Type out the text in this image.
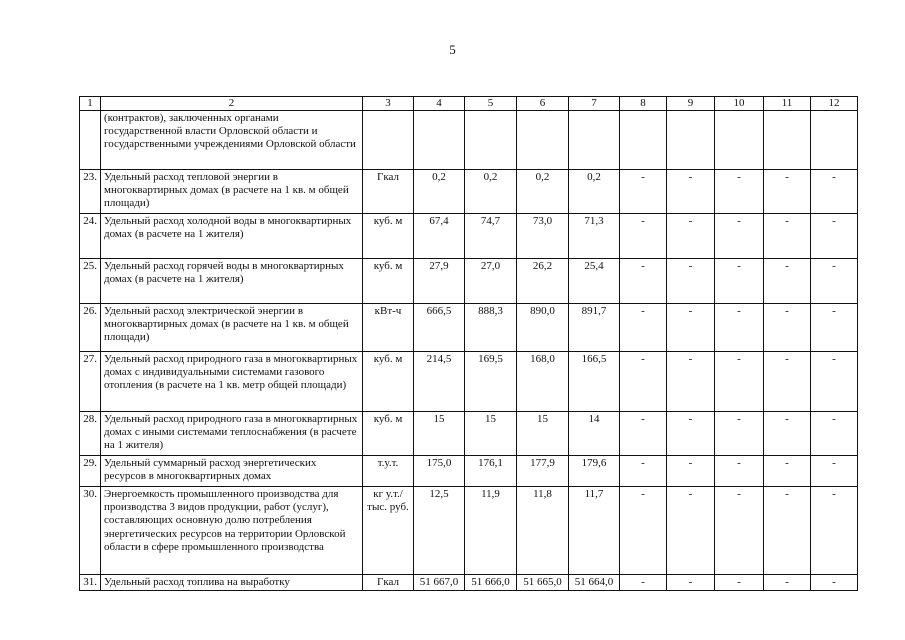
5
1	2	3	4	5	6	7	8	9	10	11	12
	(контрактов), заключенных органами государственной власти Орловской области и государственными учреждениями Орловской области										
23.	Удельный расход тепловой энергии в многоквартирных домах (в расчете на 1 кв. м общей площади)	Гкал	0,2	0,2	0,2	0,2	-	-	-	-	-
24.	Удельный расход холодной воды в многоквартирных домах (в расчете на 1 жителя)	куб. м	67,4	74,7	73,0	71,3	-	-	-	-	-
25.	Удельный расход горячей воды в многоквартирных домах (в расчете на 1 жителя)	куб. м	27,9	27,0	26,2	25,4	-	-	-	-	-
26.	Удельный расход электрической энергии в многоквартирных домах (в расчете на 1 кв. м общей площади)	кВт-ч	666,5	888,3	890,0	891,7	-	-	-	-	-
27.	Удельный расход природного газа в многоквартирных домах с индивидуальными системами газового отопления (в расчете на 1 кв. метр общей площади)	куб. м	214,5	169,5	168,0	166,5	-	-	-	-	-
28.	Удельный расход природного газа в многоквартирных домах с иными системами теплоснабжения (в расчете на 1 жителя)	куб. м	15	15	15	14	-	-	-	-	-
29.	Удельный суммарный расход энергетических ресурсов в многоквартирных домах	т.у.т.	175,0	176,1	177,9	179,6	-	-	-	-	-
30.	Энергоемкость промышленного производства для производства 3 видов продукции, работ (услуг), составляющих основную долю потребления энергетических ресурсов на территории Орловской области в сфере промышленного производства	кг у.т./ тыс. руб.	12,5	11,9	11,8	11,7	-	-	-	-	-
31.	Удельный расход топлива на выработку	Гкал	51 667,0	51 666,0	51 665,0	51 664,0	-	-	-	-	-
